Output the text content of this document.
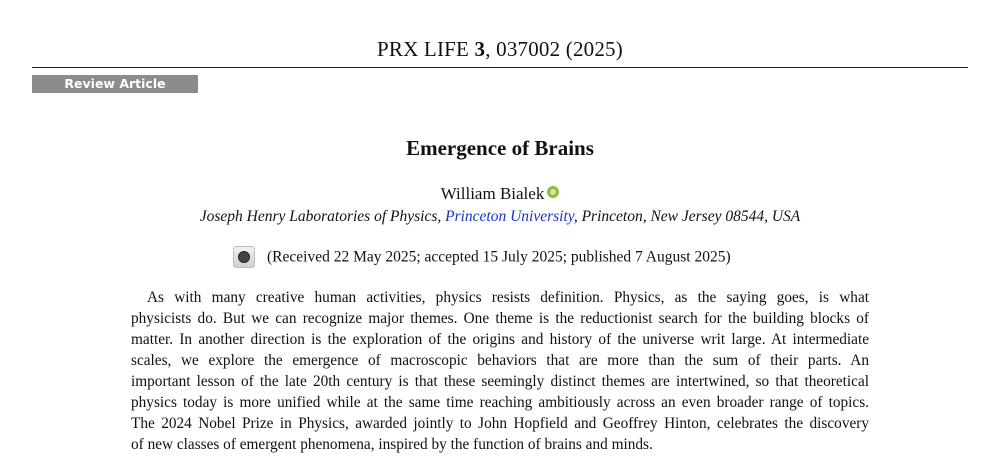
PRX LIFE 3, 037002 (2025)
Review Article
Emergence of Brains
William Bialek
Joseph Henry Laboratories of Physics, Princeton University, Princeton, New Jersey 08544, USA
(Received 22 May 2025; accepted 15 July 2025; published 7 August 2025)
As with many creative human activities, physics resists definition. Physics, as the saying goes, is what
physicists do. But we can recognize major themes. One theme is the reductionist search for the building blocks of
matter. In another direction is the exploration of the origins and history of the universe writ large. At intermediate
scales, we explore the emergence of macroscopic behaviors that are more than the sum of their parts. An
important lesson of the late 20th century is that these seemingly distinct themes are intertwined, so that theoretical
physics today is more unified while at the same time reaching ambitiously across an even broader range of topics.
The 2024 Nobel Prize in Physics, awarded jointly to John Hopfield and Geoffrey Hinton, celebrates the discovery
of new classes of emergent phenomena, inspired by the function of brains and minds.
